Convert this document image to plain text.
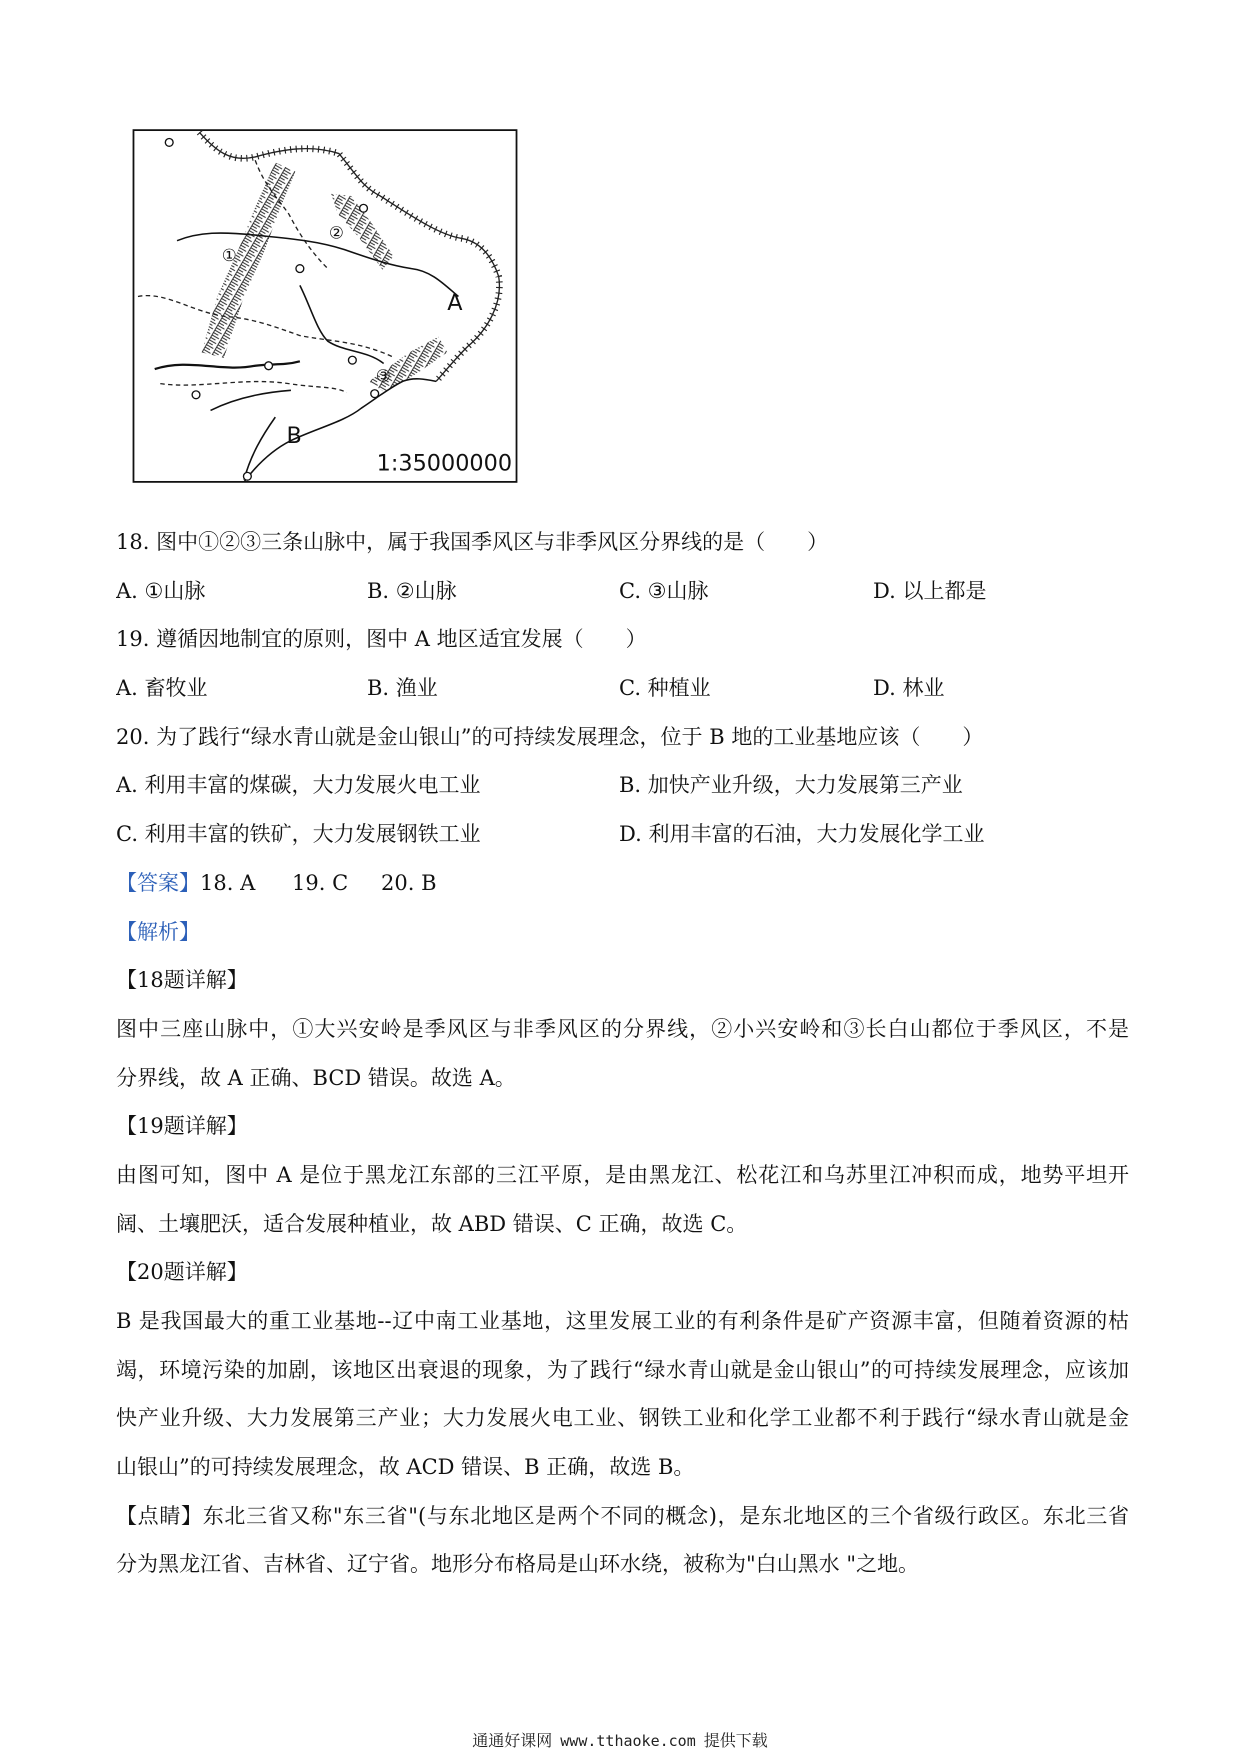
①
②
③
A
B
1:35000000
18. 图中①②③三条山脉中，属于我国季风区与非季风区分界线的是（　　）
A. ①山脉	B. ②山脉	C. ③山脉	D. 以上都是
19. 遵循因地制宜的原则，图中 A 地区适宜发展（　　）
A. 畜牧业	B. 渔业	C. 种植业	D. 林业
20. 为了践行“绿水青山就是金山银山”的可持续发展理念，位于 B 地的工业基地应该（　　）
A. 利用丰富的煤碳，大力发展火电工业	B. 加快产业升级，大力发展第三产业
C. 利用丰富的铁矿，大力发展钢铁工业	D. 利用丰富的石油，大力发展化学工业
【答案】18. A 19. C 20. B
【解析】
【18题详解】
图中三座山脉中，①大兴安岭是季风区与非季风区的分界线，②小兴安岭和③长白山都位于季风区，不是
分界线，故 A 正确、BCD 错误。故选 A。
【19题详解】
由图可知，图中 A 是位于黑龙江东部的三江平原，是由黑龙江、松花江和乌苏里江冲积而成，地势平坦开
阔、土壤肥沃，适合发展种植业，故 ABD 错误、C 正确，故选 C。
【20题详解】
B 是我国最大的重工业基地--辽中南工业基地，这里发展工业的有利条件是矿产资源丰富，但随着资源的枯
竭，环境污染的加剧，该地区出衰退的现象，为了践行“绿水青山就是金山银山”的可持续发展理念，应该加
快产业升级、大力发展第三产业；大力发展火电工业、钢铁工业和化学工业都不利于践行“绿水青山就是金
山银山”的可持续发展理念，故 ACD 错误、B 正确，故选 B。
【点睛】东北三省又称"东三省"(与东北地区是两个不同的概念)，是东北地区的三个省级行政区。东北三省
分为黑龙江省、吉林省、辽宁省。地形分布格局是山环水绕，被称为"白山黑水 "之地。
通通好课网 www.tthaoke.com 提供下载
